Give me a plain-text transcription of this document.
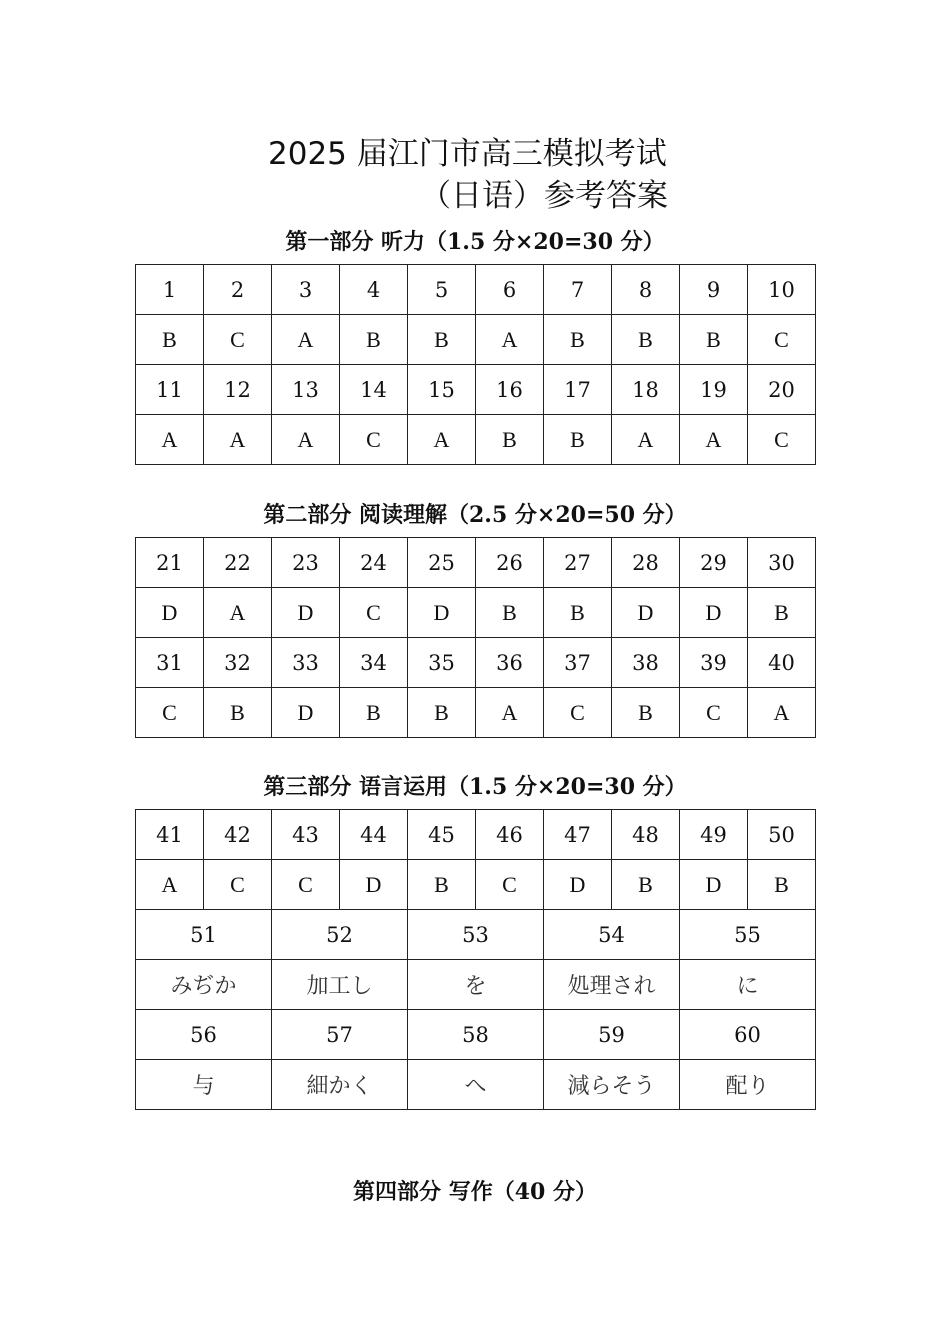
2025 届江门市高三模拟考试
（日语）参考答案
第一部分 听力（1.5 分×20=30 分）
1	2	3	4	5	6	7	8	9	10
B	C	A	B	B	A	B	B	B	C
11	12	13	14	15	16	17	18	19	20
A	A	A	C	A	B	B	A	A	C
第二部分 阅读理解（2.5 分×20=50 分）
21	22	23	24	25	26	27	28	29	30
D	A	D	C	D	B	B	D	D	B
31	32	33	34	35	36	37	38	39	40
C	B	D	B	B	A	C	B	C	A
第三部分 语言运用（1.5 分×20=30 分）
41	42	43	44	45	46	47	48	49	50
A	C	C	D	B	C	D	B	D	B
51		52		53		54		55	
みぢか		加工し		を		処理され		に	
56		57		58		59		60	
与		細かく		へ		減らそう		配り	
第四部分 写作（40 分）
